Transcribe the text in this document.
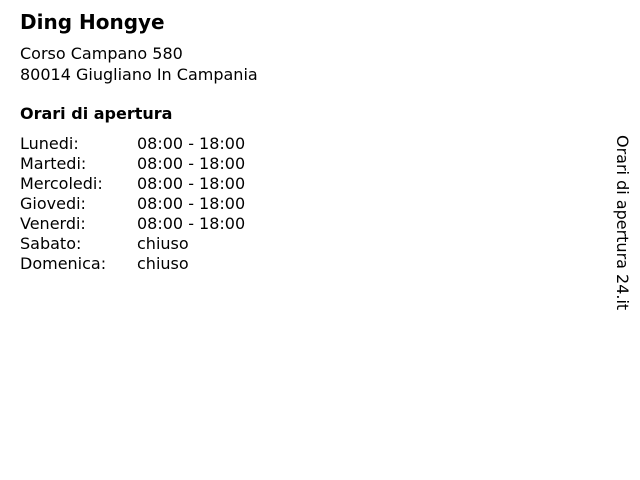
Ding Hongye
Corso Campano 580
80014 Giugliano In Campania
Orari di apertura
Lunedi:	08:00 - 18:00
Martedi:	08:00 - 18:00
Mercoledi:	08:00 - 18:00
Giovedi:	08:00 - 18:00
Venerdi:	08:00 - 18:00
Sabato:	chiuso
Domenica:	chiuso	Orari di apertura 24.it
